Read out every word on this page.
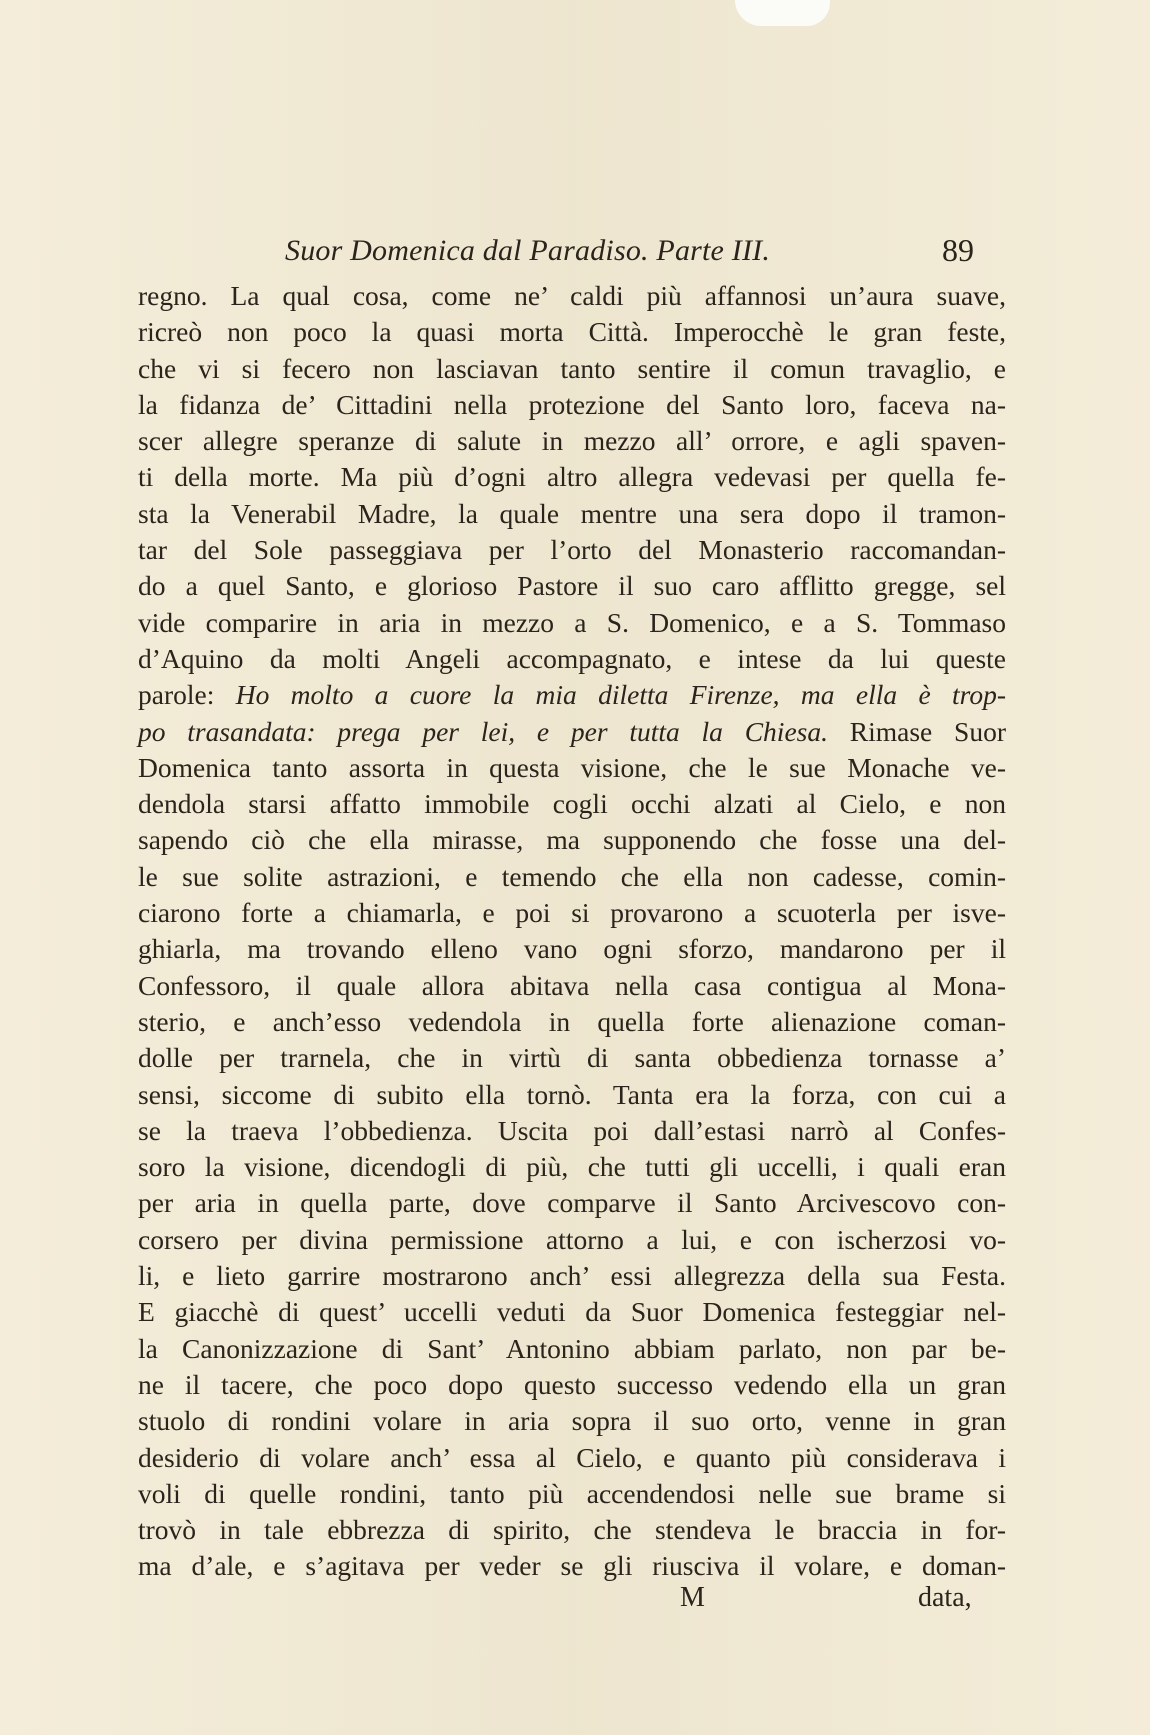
Suor Domenica dal Paradiso. Parte III.	89
regno. La qual cosa, come ne’ caldi più affannosi un’aura suave,
ricreò non poco la quasi morta Città. Imperocchè le gran feste,
che vi si fecero non lasciavan tanto sentire il comun travaglio, e
la fidanza de’ Cittadini nella protezione del Santo loro, faceva na-
scer allegre speranze di salute in mezzo all’ orrore, e agli spaven-
ti della morte. Ma più d’ogni altro allegra vedevasi per quella fe-
sta la Venerabil Madre, la quale mentre una sera dopo il tramon-
tar del Sole passeggiava per l’orto del Monasterio raccomandan-
do a quel Santo, e glorioso Pastore il suo caro afflitto gregge, sel
vide comparire in aria in mezzo a S. Domenico, e a S. Tommaso
d’Aquino da molti Angeli accompagnato, e intese da lui queste
parole: Ho molto a cuore la mia diletta Firenze, ma ella è trop-
po trasandata: prega per lei, e per tutta la Chiesa. Rimase Suor
Domenica tanto assorta in questa visione, che le sue Monache ve-
dendola starsi affatto immobile cogli occhi alzati al Cielo, e non
sapendo ciò che ella mirasse, ma supponendo che fosse una del-
le sue solite astrazioni, e temendo che ella non cadesse, comin-
ciarono forte a chiamarla, e poi si provarono a scuoterla per isve-
ghiarla, ma trovando elleno vano ogni sforzo, mandarono per il
Confessoro, il quale allora abitava nella casa contigua al Mona-
sterio, e anch’esso vedendola in quella forte alienazione coman-
dolle per trarnela, che in virtù di santa obbedienza tornasse a’
sensi, siccome di subito ella tornò. Tanta era la forza, con cui a
se la traeva l’obbedienza. Uscita poi dall’estasi narrò al Confes-
soro la visione, dicendogli di più, che tutti gli uccelli, i quali eran
per aria in quella parte, dove comparve il Santo Arcivescovo con-
corsero per divina permissione attorno a lui, e con ischerzosi vo-
li, e lieto garrire mostrarono anch’ essi allegrezza della sua Festa.
E giacchè di quest’ uccelli veduti da Suor Domenica festeggiar nel-
la Canonizzazione di Sant’ Antonino abbiam parlato, non par be-
ne il tacere, che poco dopo questo successo vedendo ella un gran
stuolo di rondini volare in aria sopra il suo orto, venne in gran
desiderio di volare anch’ essa al Cielo, e quanto più considerava i
voli di quelle rondini, tanto più accendendosi nelle sue brame si
trovò in tale ebbrezza di spirito, che stendeva le braccia in for-
ma d’ale, e s’agitava per veder se gli riusciva il volare, e doman-
M	data,
